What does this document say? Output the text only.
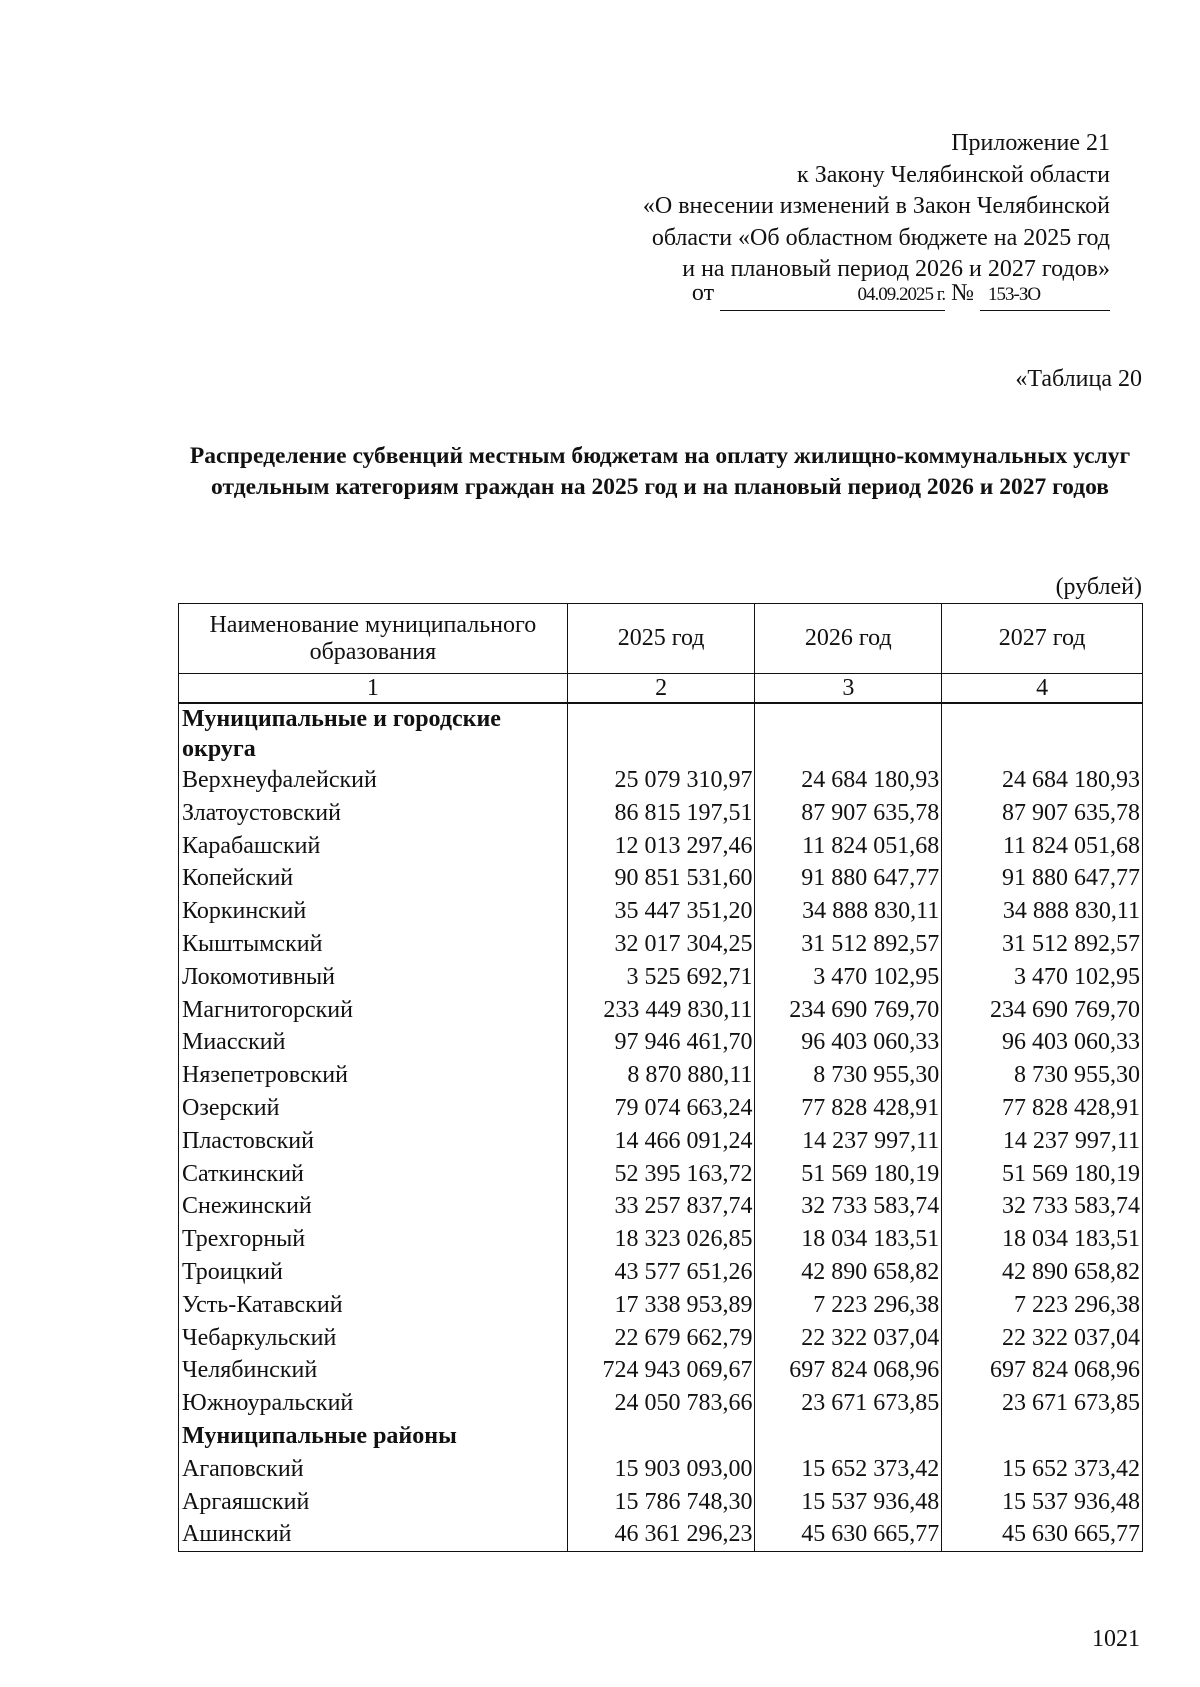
Приложение 21
к Закону Челябинской области
«О внесении изменений в Закон Челябинской
области «Об областном бюджете на 2025 год
и на плановый период 2026 и 2027 годов»
от	04.09.2025 г. № 153-ЗО
«Таблица 20
Распределение субвенций местным бюджетам на оплату жилищно-коммунальных услуг отдельным категориям граждан на 2025 год и на плановый период 2026 и 2027 годов
(рублей)
Наименование муниципального образования	2025 год	2026 год	2027 год
1	2	3	4
Муниципальные и городские округа			
Верхнеуфалейский	25 079 310,97	24 684 180,93	24 684 180,93
Златоустовский	86 815 197,51	87 907 635,78	87 907 635,78
Карабашский	12 013 297,46	11 824 051,68	11 824 051,68
Копейский	90 851 531,60	91 880 647,77	91 880 647,77
Коркинский	35 447 351,20	34 888 830,11	34 888 830,11
Кыштымский	32 017 304,25	31 512 892,57	31 512 892,57
Локомотивный	3 525 692,71	3 470 102,95	3 470 102,95
Магнитогорский	233 449 830,11	234 690 769,70	234 690 769,70
Миасский	97 946 461,70	96 403 060,33	96 403 060,33
Нязепетровский	8 870 880,11	8 730 955,30	8 730 955,30
Озерский	79 074 663,24	77 828 428,91	77 828 428,91
Пластовский	14 466 091,24	14 237 997,11	14 237 997,11
Саткинский	52 395 163,72	51 569 180,19	51 569 180,19
Снежинский	33 257 837,74	32 733 583,74	32 733 583,74
Трехгорный	18 323 026,85	18 034 183,51	18 034 183,51
Троицкий	43 577 651,26	42 890 658,82	42 890 658,82
Усть-Катавский	17 338 953,89	7 223 296,38	7 223 296,38
Чебаркульский	22 679 662,79	22 322 037,04	22 322 037,04
Челябинский	724 943 069,67	697 824 068,96	697 824 068,96
Южноуральский	24 050 783,66	23 671 673,85	23 671 673,85
Муниципальные районы			
Агаповский	15 903 093,00	15 652 373,42	15 652 373,42
Аргаяшский	15 786 748,30	15 537 936,48	15 537 936,48
Ашинский	46 361 296,23	45 630 665,77	45 630 665,77
1021
